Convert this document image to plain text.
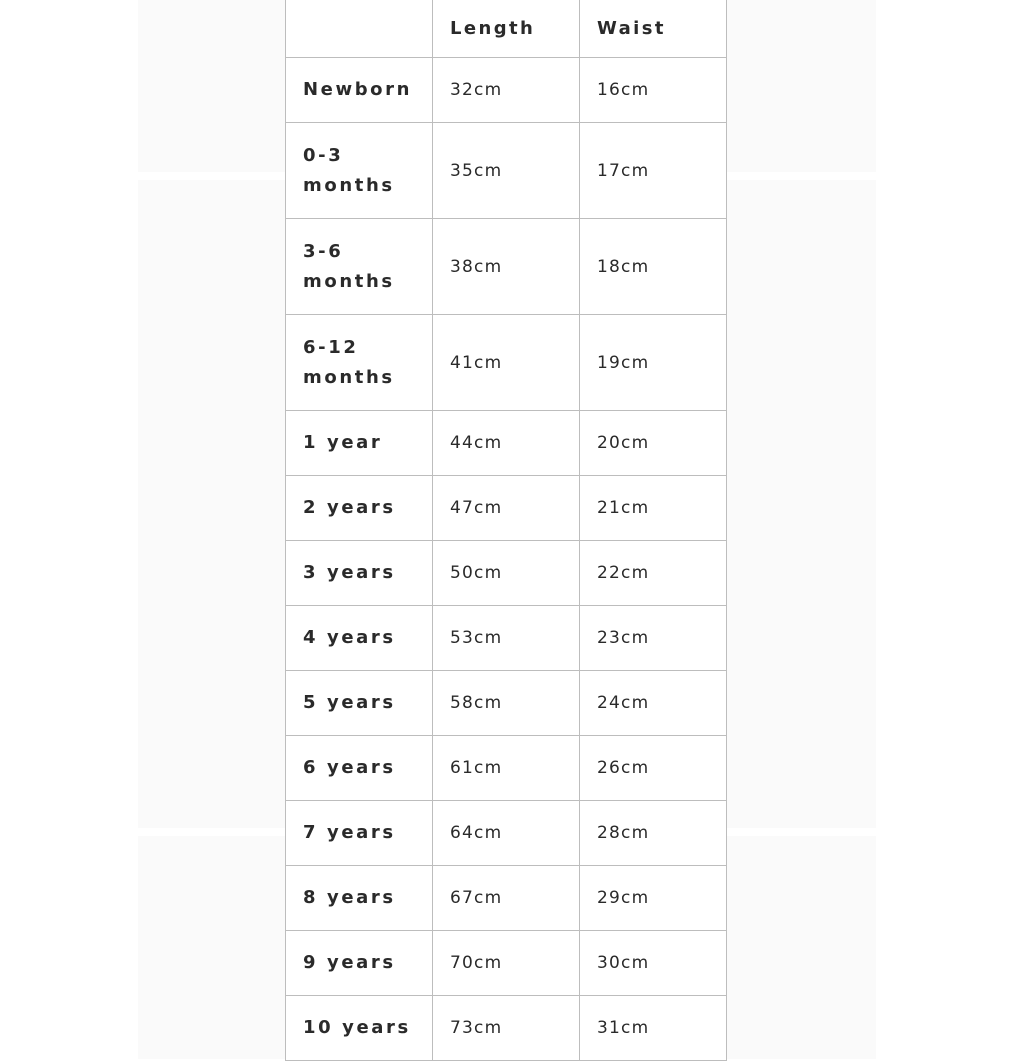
	Length	Waist
Newborn	32cm	16cm
0-3 months	35cm	17cm
3-6 months	38cm	18cm
6-12 months	41cm	19cm
1 year	44cm	20cm
2 years	47cm	21cm
3 years	50cm	22cm
4 years	53cm	23cm
5 years	58cm	24cm
6 years	61cm	26cm
7 years	64cm	28cm
8 years	67cm	29cm
9 years	70cm	30cm
10 years	73cm	31cm
